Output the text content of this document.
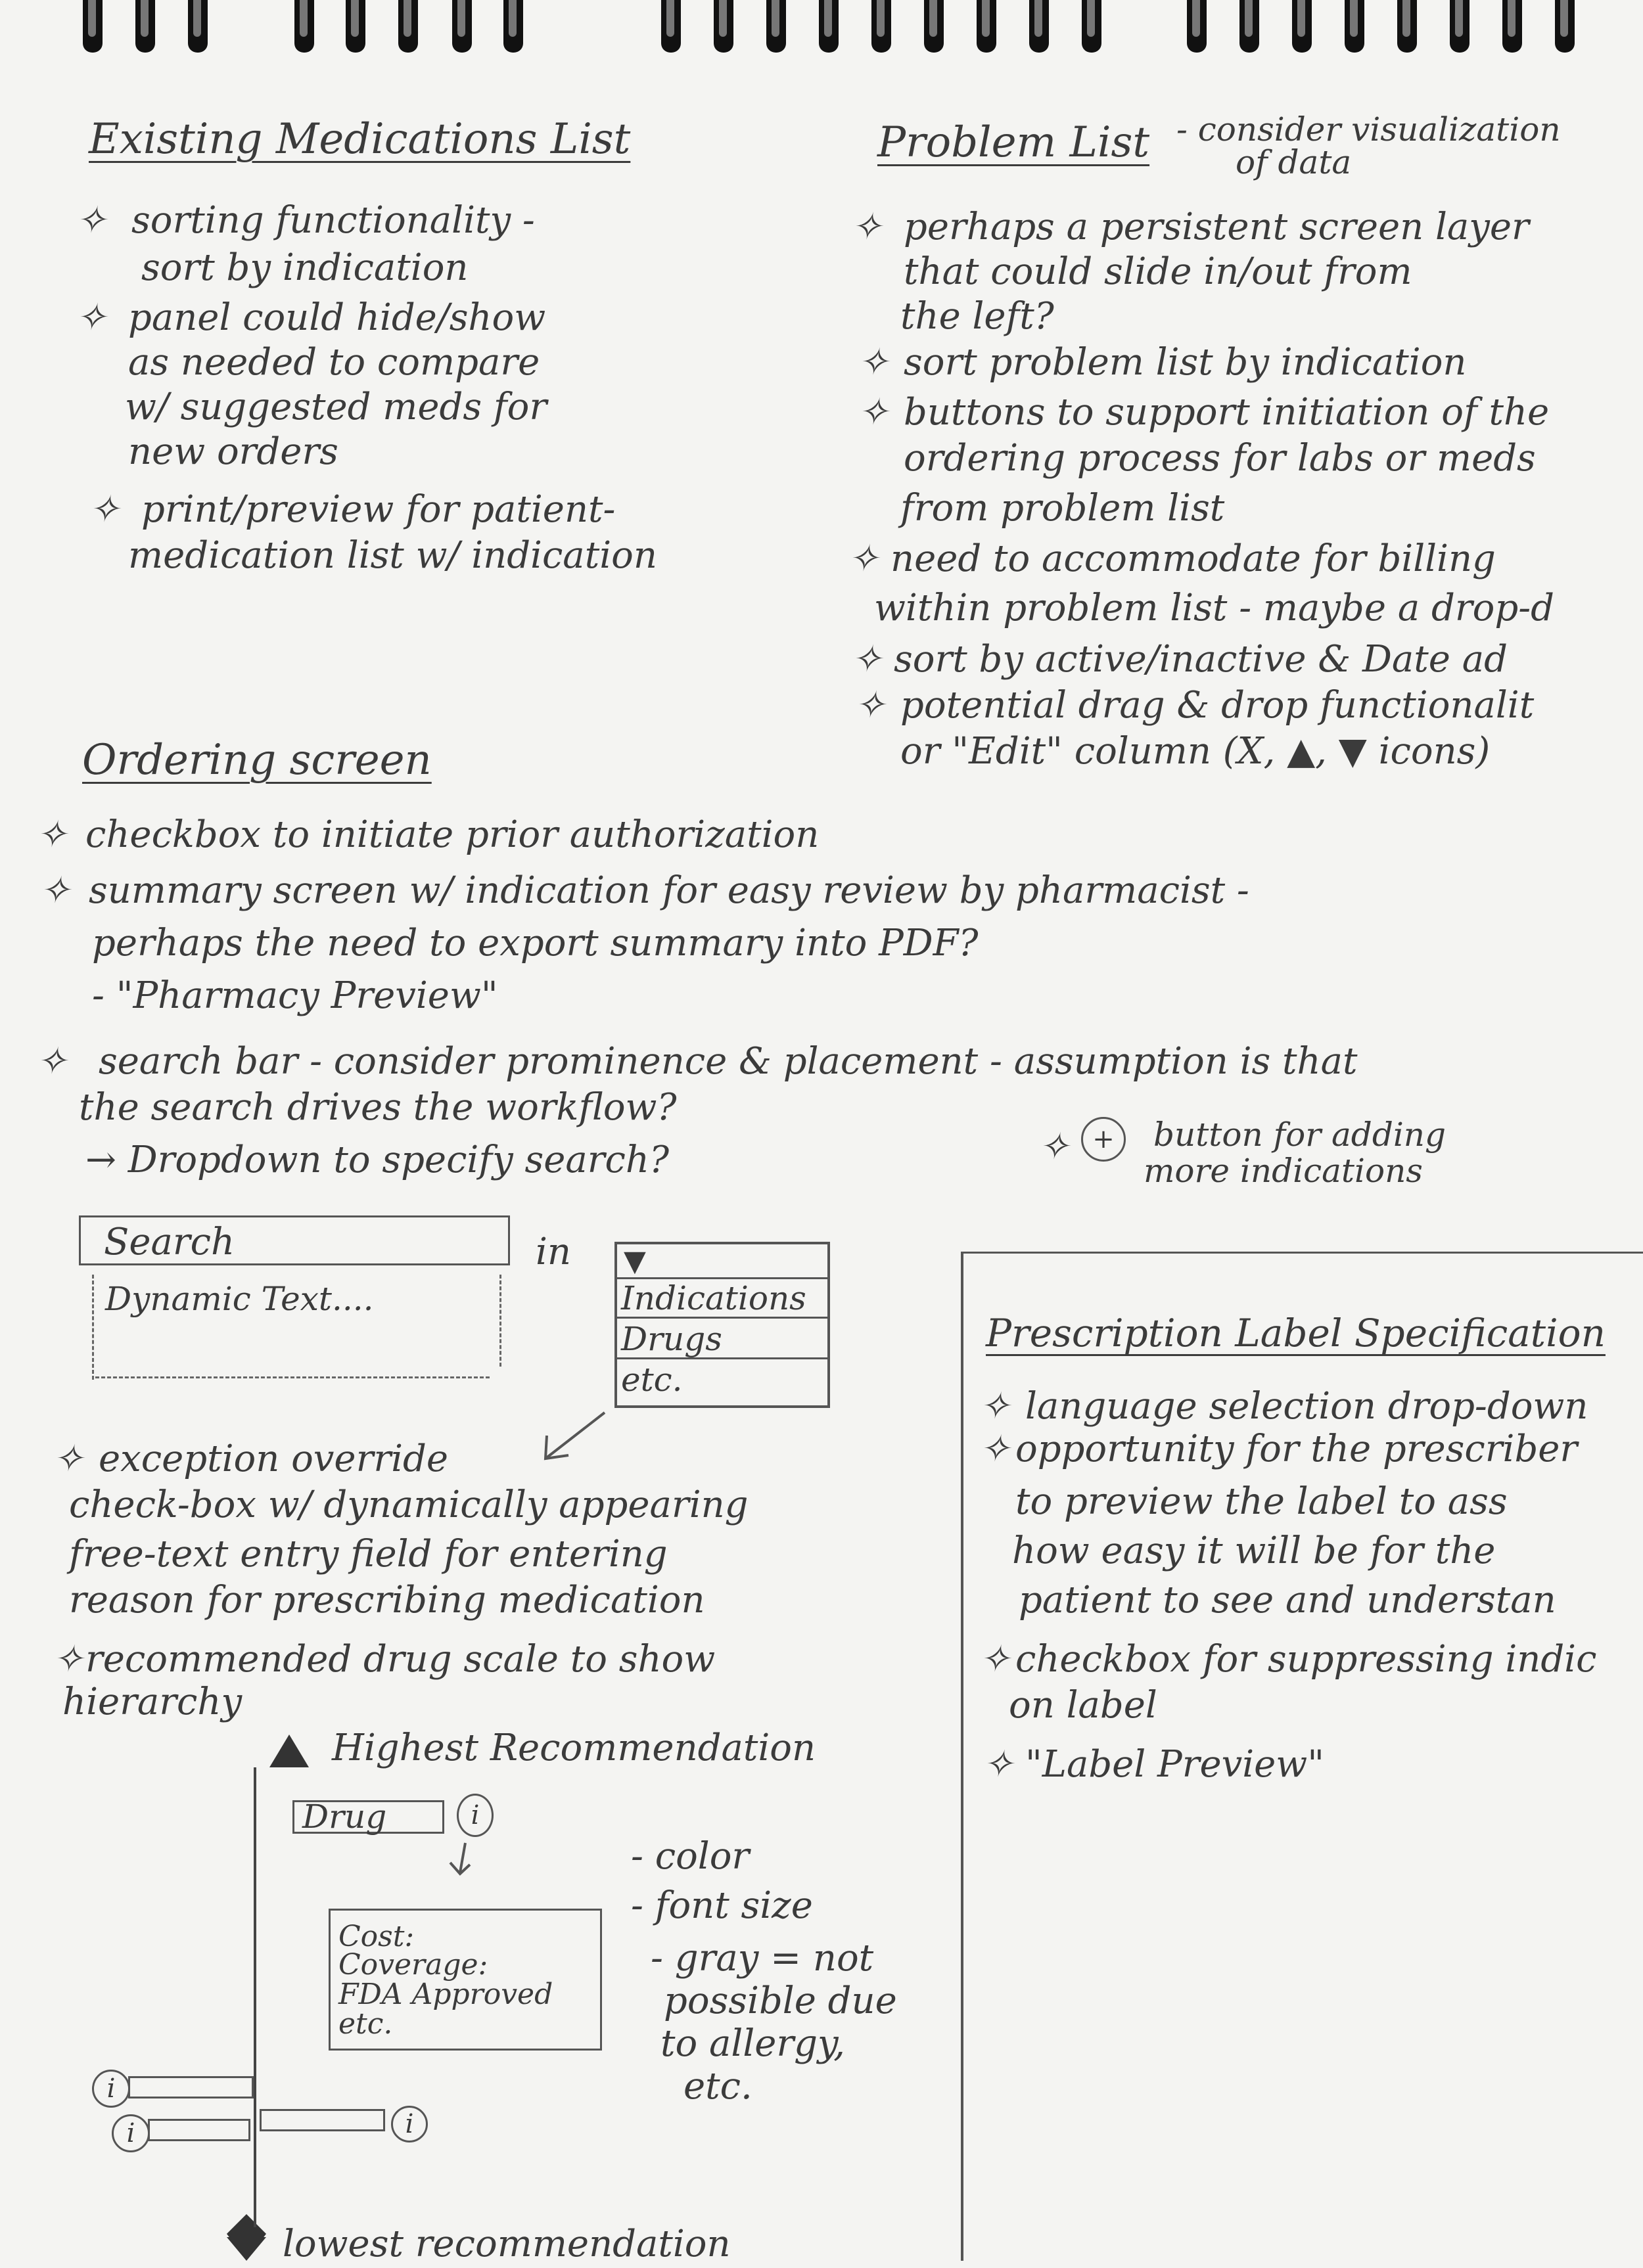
Existing Medications List
✧ sorting functionality -
sort by indication
✧ panel could hide/show
as needed to compare
w/ suggested meds for
new orders
✧ print/preview for patient-
medication list w/ indication
Problem List - consider visualization
of data
✧ perhaps a persistent screen layer
that could slide in/out from
the left?
✧ sort problem list by indication
✧ buttons to support initiation of the
ordering process for labs or meds
from problem list
✧ need to accommodate for billing
within problem list - maybe a drop-d
✧ sort by active/inactive & Date ad
✧ potential drag & drop functionalit
or "Edit" column (X, ▲, ▼ icons)
Ordering screen
✧ checkbox to initiate prior authorization
✧ summary screen w/ indication for easy review by pharmacist -
perhaps the need to export summary into PDF?
- "Pharmacy Preview"
✧ search bar - consider prominence & placement - assumption is that
the search drives the workflow?
→ Dropdown to specify search?	✧ +	button for adding
more indications
Search
Dynamic Text....
in ▼
Indications
Drugs
etc.
✧ exception override
check-box w/ dynamically appearing
free-text entry field for entering
reason for prescribing medication
✧ recommended drug scale to show
hierarchy
Highest Recommendation
lowest recommendation
Drug	i
Cost:
Coverage:
FDA Approved
etc.
- color
- font size
- gray = not
possible due
to allergy,
etc.
i
i	i
Prescription Label Specification
✧ language selection drop-down
✧ opportunity for the prescriber
to preview the label to ass
how easy it will be for the
patient to see and understan
✧ checkbox for suppressing indic
on label
✧ "Label Preview"
